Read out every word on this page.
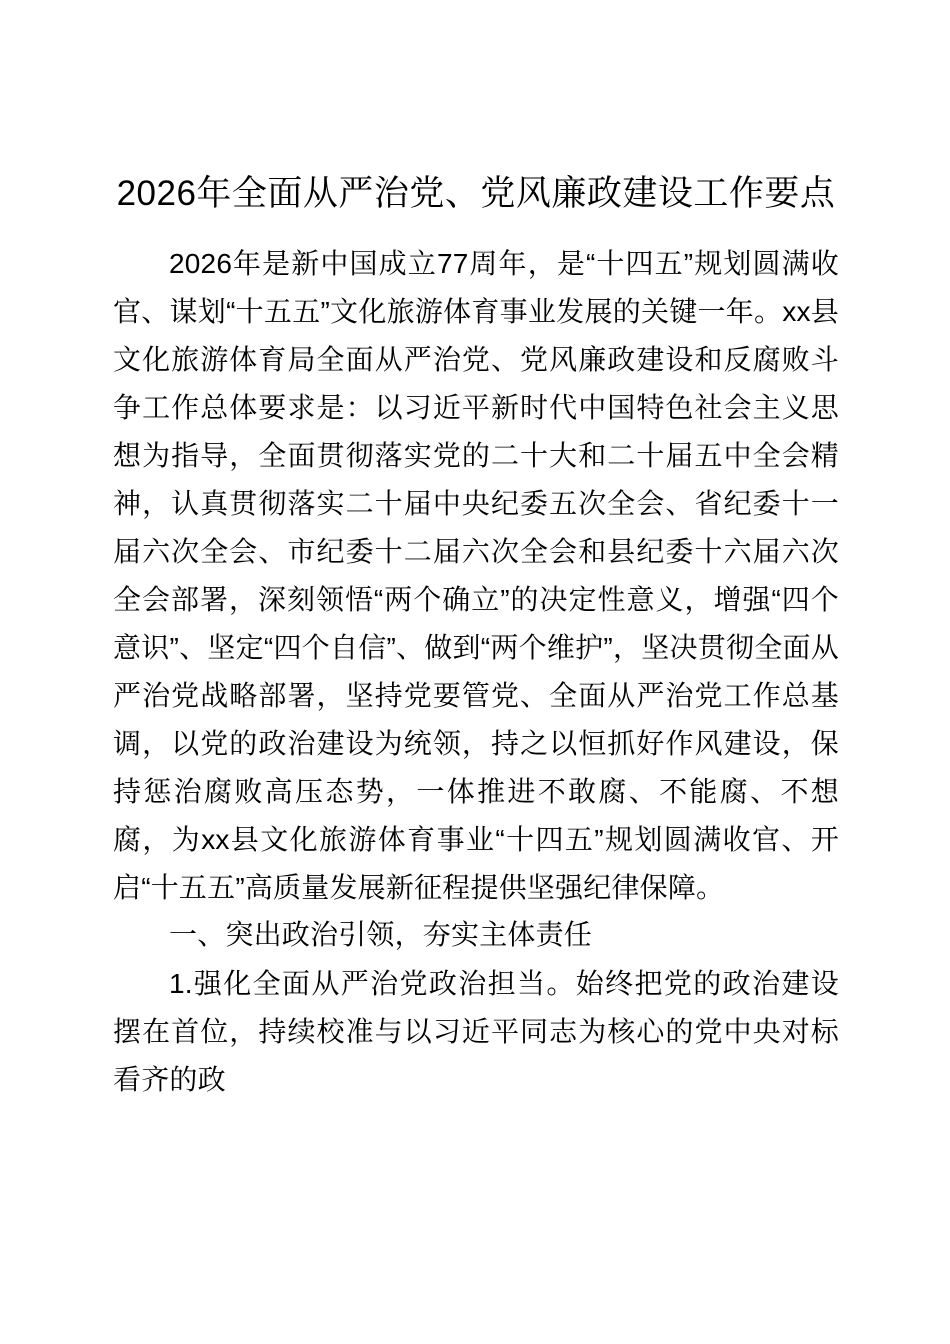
2026年全面从严治党、党风廉政建设工作要点

2026年是新中国成立77周年，是“十四五”规划圆满收官、谋划“十五五”文化旅游体育事业发展的关键一年。xx县文化旅游体育局全面从严治党、党风廉政建设和反腐败斗争工作总体要求是：以习近平新时代中国特色社会主义思想为指导，全面贯彻落实党的二十大和二十届五中全会精神，认真贯彻落实二十届中央纪委五次全会、省纪委十一届六次全会、市纪委十二届六次全会和县纪委十六届六次全会部署，深刻领悟“两个确立”的决定性意义，增强“四个意识”、坚定“四个自信”、做到“两个维护”，坚决贯彻全面从严治党战略部署，坚持党要管党、全面从严治党工作总基调，以党的政治建设为统领，持之以恒抓好作风建设，保持惩治腐败高压态势，一体推进不敢腐、不能腐、不想腐，为xx县文化旅游体育事业“十四五”规划圆满收官、开启“十五五”高质量发展新征程提供坚强纪律保障。

一、突出政治引领，夯实主体责任

1.强化全面从严治党政治担当。始终把党的政治建设摆在首位，持续校准与以习近平同志为核心的党中央对标看齐的政
